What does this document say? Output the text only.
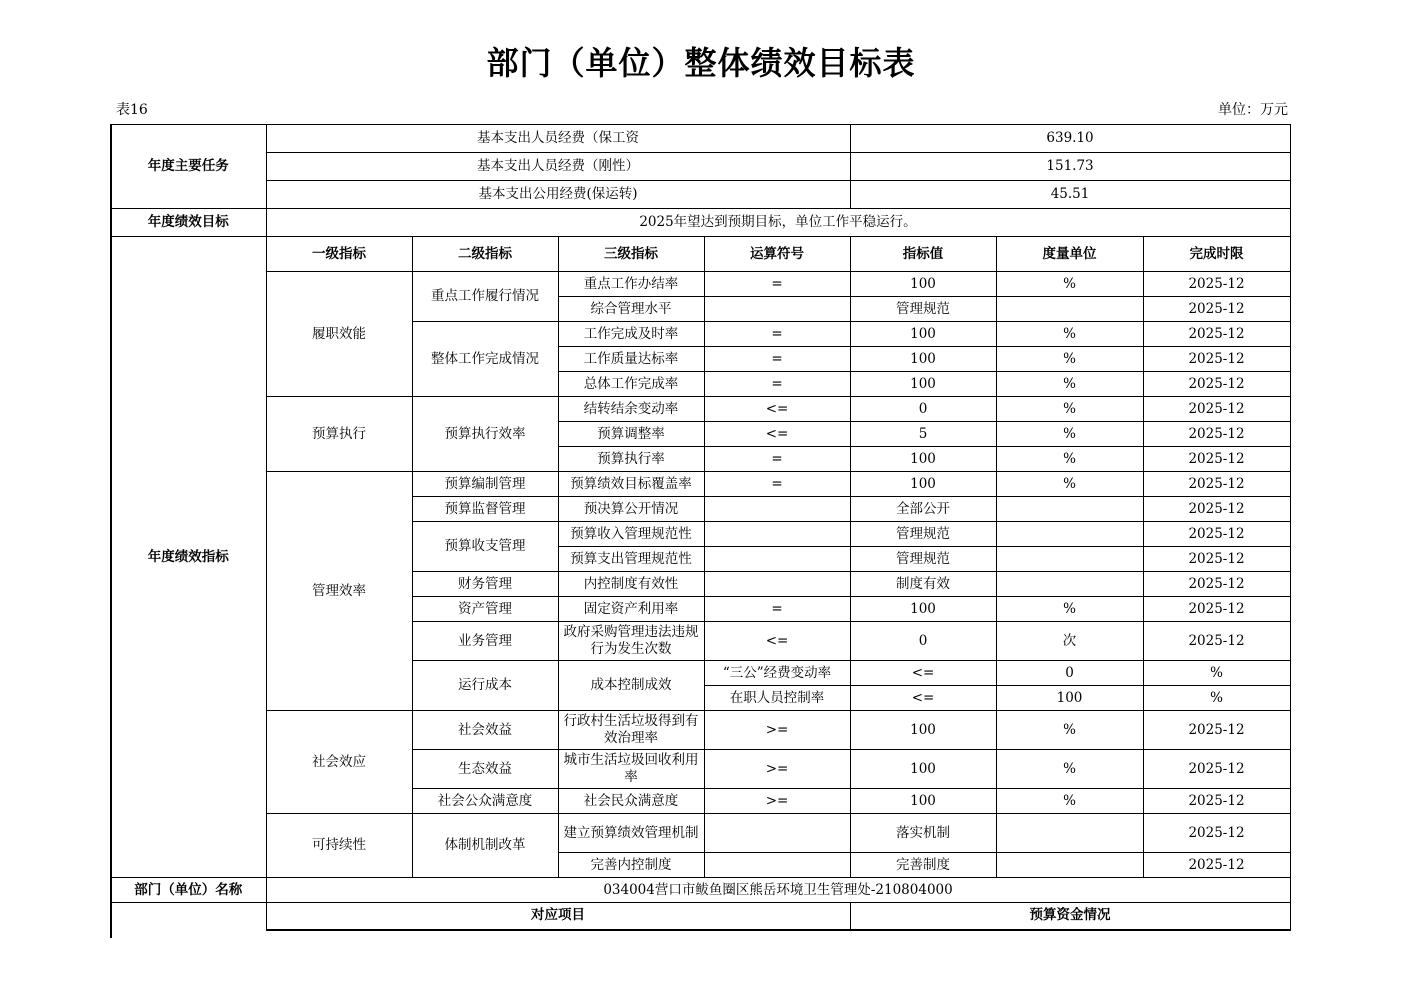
部门（单位）整体绩效目标表
表16	单位：万元
年度主要任务	基本支出人员经费（保工资				639.10			
	基本支出人员经费（刚性）				151.73			
	基本支出公用经费(保运转)				45.51			
年度绩效目标	2025年望达到预期目标，单位工作平稳运行。							
年度绩效指标	一级指标	二级指标	三级指标	运算符号	指标值	度量单位	完成时限	
	履职效能	重点工作履行情况	重点工作办结率	=	100	%	2025-12	
			综合管理水平		管理规范		2025-12	
		整体工作完成情况	工作完成及时率	=	100	%	2025-12	
			工作质量达标率	=	100	%	2025-12	
			总体工作完成率	=	100	%	2025-12	
	预算执行	预算执行效率	结转结余变动率	<=	0	%	2025-12	
			预算调整率	<=	5	%	2025-12	
			预算执行率	=	100	%	2025-12	
	管理效率	预算编制管理	预算绩效目标覆盖率	=	100	%	2025-12	
		预算监督管理	预决算公开情况		全部公开		2025-12	
		预算收支管理	预算收入管理规范性		管理规范		2025-12	
			预算支出管理规范性		管理规范		2025-12	
		财务管理	内控制度有效性		制度有效		2025-12	
		资产管理	固定资产利用率	=	100	%	2025-12	
		业务管理	政府采购管理违法违规行为发生次数	<=	0	次	2025-12	
		运行成本	成本控制成效	“三公”经费变动率	<=	0	%	
				在职人员控制率	<=	100	%	
	社会效应	社会效益	行政村生活垃圾得到有效治理率	>=	100	%	2025-12	
		生态效益	城市生活垃圾回收利用率	>=	100	%	2025-12	
		社会公众满意度	社会民众满意度	>=	100	%	2025-12	
	可持续性	体制机制改革	建立预算绩效管理机制		落实机制		2025-12	
			完善内控制度		完善制度		2025-12	
部门（单位）名称	034004营口市鲅鱼圈区熊岳环境卫生管理处-210804000							
	对应项目				预算资金情况			
